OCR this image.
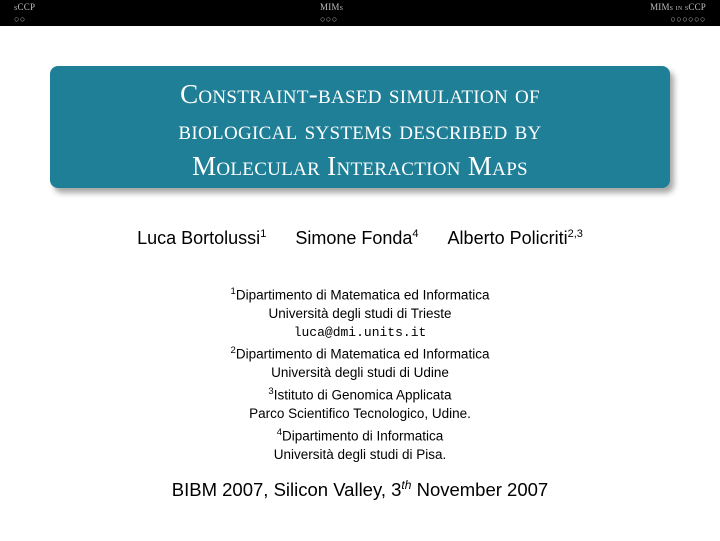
sCCP
○○
MIMs
○○○
MIMs in sCCP
○○○○○○
Constraint-based simulation of
biological systems described by
Molecular Interaction Maps
Luca Bortolussi$^1$ Simone Fonda$^4$ Alberto Policriti$^{2,3}$
$^1$Dipartimento di Matematica ed Informatica
Università degli studi di Trieste
luca@dmi.units.it
$^2$Dipartimento di Matematica ed Informatica
Università degli studi di Udine
$^3$Istituto di Genomica Applicata
Parco Scientifico Tecnologico, Udine.
$^4$Dipartimento di Informatica
Università degli studi di Pisa.
BIBM 2007, Silicon Valley, 3th November 2007
